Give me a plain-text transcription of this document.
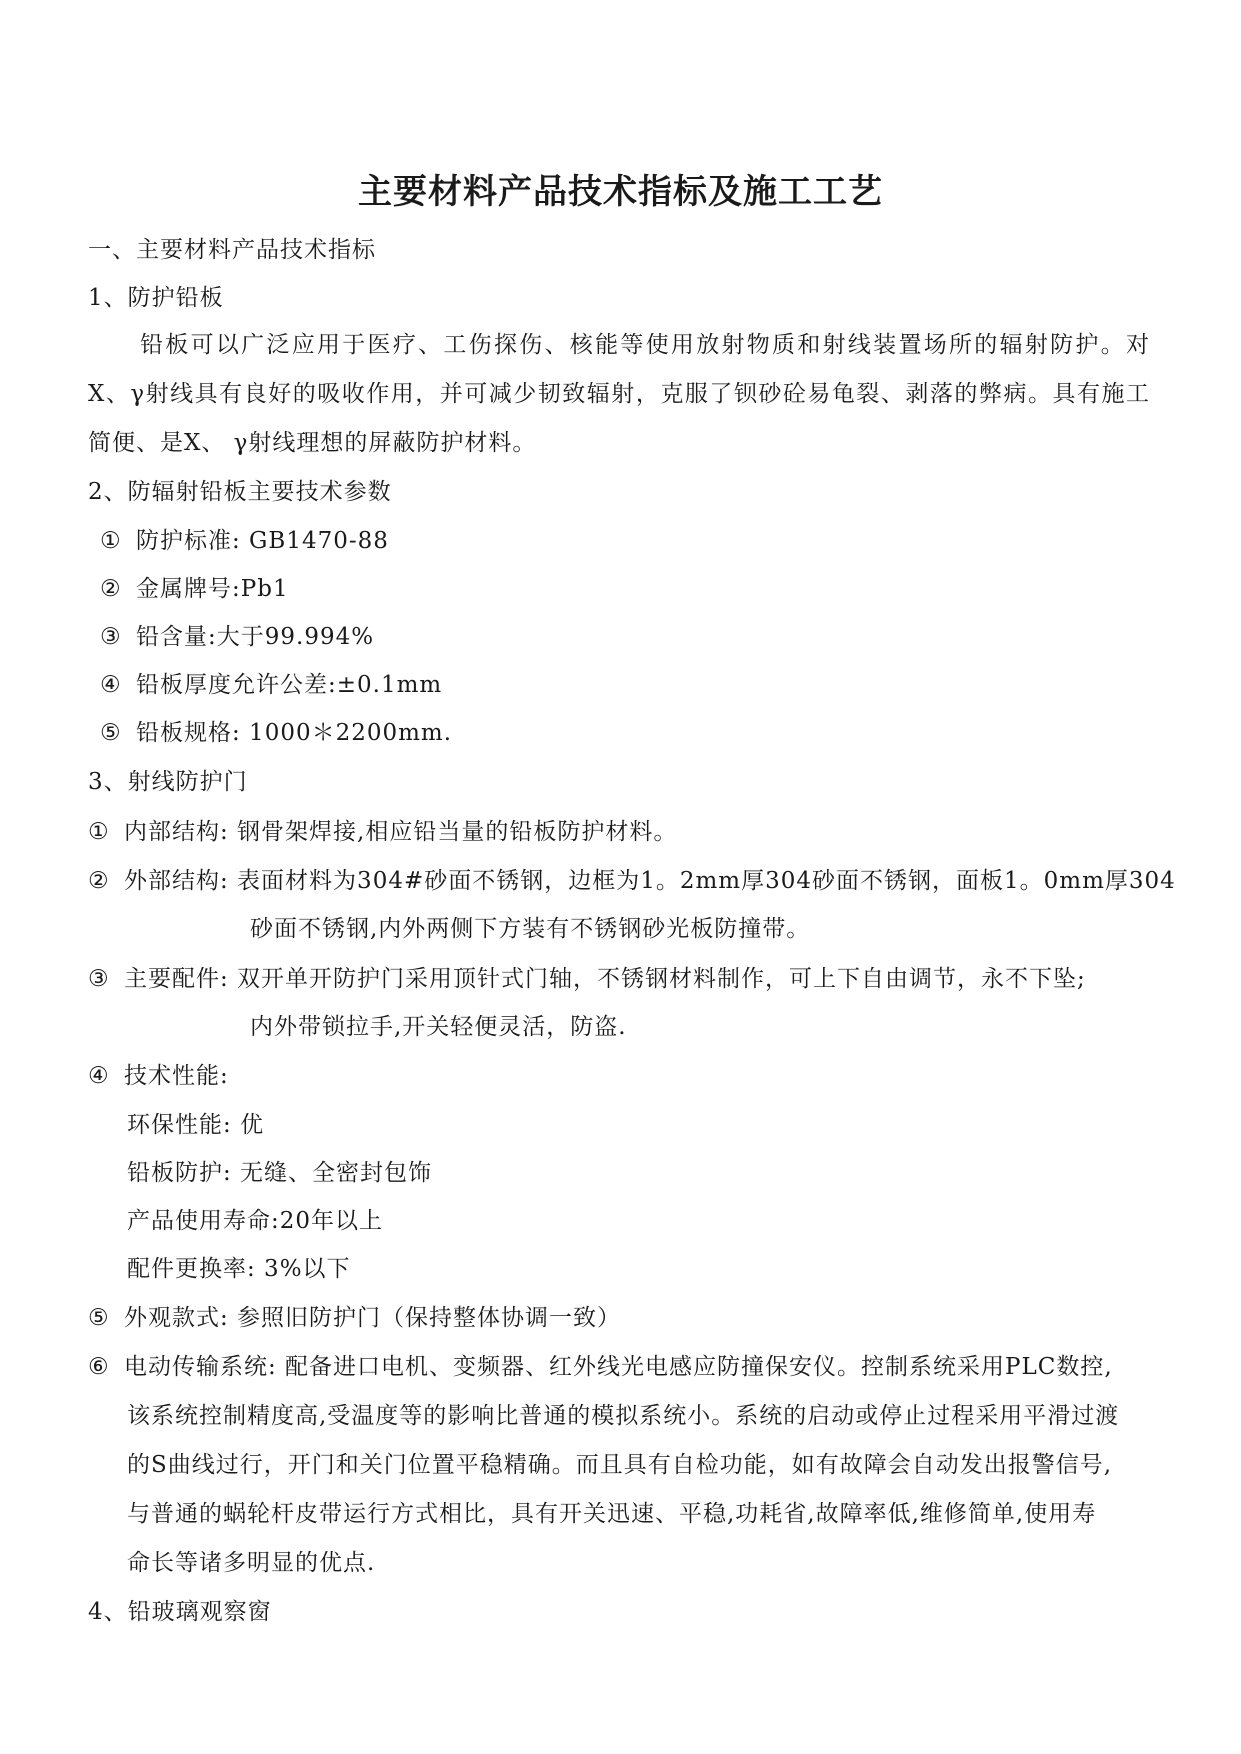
主要材料产品技术指标及施工工艺
一、主要材料产品技术指标
1、防护铅板
铅板可以广泛应用于医疗、工伤探伤、核能等使用放射物质和射线装置场所的辐射防护。对
X、γ射线具有良好的吸收作用，并可减少韧致辐射，克服了钡砂砼易龟裂、剥落的弊病。具有施工
简便、是X、 γ射线理想的屏蔽防护材料。
2、防辐射铅板主要技术参数
① 防护标准: GB1470-88
② 金属牌号:Pb1
③ 铅含量:大于99.994%
④ 铅板厚度允许公差:±0.1mm
⑤ 铅板规格: 1000＊2200mm.
3、射线防护门
① 内部结构: 钢骨架焊接,相应铅当量的铅板防护材料。
② 外部结构: 表面材料为304#砂面不锈钢，边框为1。2mm厚304砂面不锈钢，面板1。0mm厚304
砂面不锈钢,内外两侧下方装有不锈钢砂光板防撞带。
③ 主要配件: 双开单开防护门采用顶针式门轴，不锈钢材料制作，可上下自由调节，永不下坠;
内外带锁拉手,开关轻便灵活，防盗.
④ 技术性能:
环保性能: 优
铅板防护: 无缝、全密封包饰
产品使用寿命:20年以上
配件更换率: 3%以下
⑤ 外观款式: 参照旧防护门（保持整体协调一致）
⑥ 电动传输系统: 配备进口电机、变频器、红外线光电感应防撞保安仪。控制系统采用PLC数控,
该系统控制精度高,受温度等的影响比普通的模拟系统小。系统的启动或停止过程采用平滑过渡
的S曲线过行，开门和关门位置平稳精确。而且具有自检功能，如有故障会自动发出报警信号,
与普通的蜗轮杆皮带运行方式相比，具有开关迅速、平稳,功耗省,故障率低,维修简单,使用寿
命长等诸多明显的优点.
4、铅玻璃观察窗
